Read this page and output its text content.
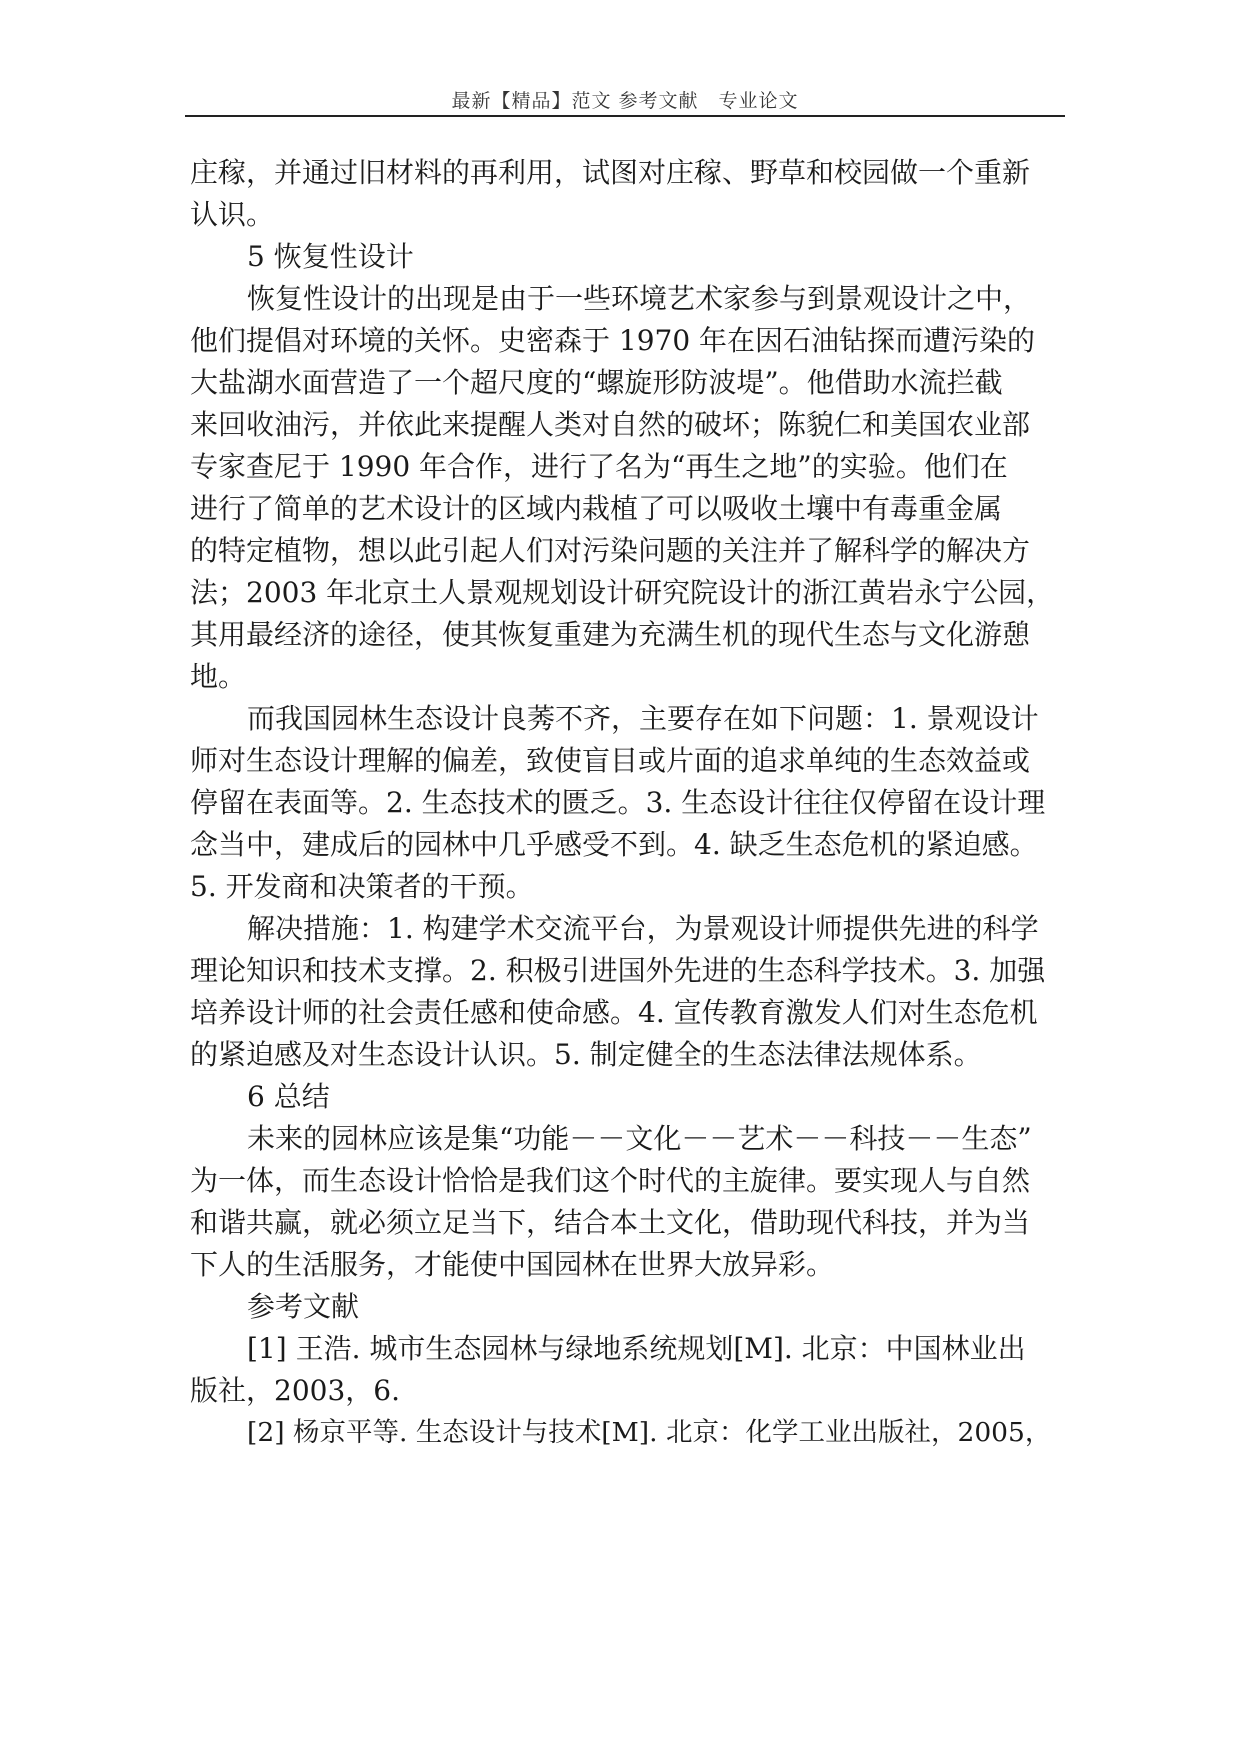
最新【精品】范文 参考文献　专业论文
庄稼，并通过旧材料的再利用，试图对庄稼、野草和校园做一个重新
认识。
5 恢复性设计
恢复性设计的出现是由于一些环境艺术家参与到景观设计之中，
他们提倡对环境的关怀。史密森于 1970 年在因石油钻探而遭污染的
大盐湖水面营造了一个超尺度的“螺旋形防波堤”。他借助水流拦截
来回收油污，并依此来提醒人类对自然的破坏；陈貌仁和美国农业部
专家查尼于 1990 年合作，进行了名为“再生之地”的实验。他们在
进行了简单的艺术设计的区域内栽植了可以吸收土壤中有毒重金属
的特定植物，想以此引起人们对污染问题的关注并了解科学的解决方
法；2003 年北京土人景观规划设计研究院设计的浙江黄岩永宁公园，
其用最经济的途径，使其恢复重建为充满生机的现代生态与文化游憩
地。
而我国园林生态设计良莠不齐，主要存在如下问题：1. 景观设计
师对生态设计理解的偏差，致使盲目或片面的追求单纯的生态效益或
停留在表面等。2. 生态技术的匮乏。3. 生态设计往往仅停留在设计理
念当中，建成后的园林中几乎感受不到。4. 缺乏生态危机的紧迫感。
5. 开发商和决策者的干预。
解决措施：1. 构建学术交流平台，为景观设计师提供先进的科学
理论知识和技术支撑。2. 积极引进国外先进的生态科学技术。3. 加强
培养设计师的社会责任感和使命感。4. 宣传教育激发人们对生态危机
的紧迫感及对生态设计认识。5. 制定健全的生态法律法规体系。
6 总结
未来的园林应该是集“功能－－文化－－艺术－－科技－－生态”
为一体，而生态设计恰恰是我们这个时代的主旋律。要实现人与自然
和谐共赢，就必须立足当下，结合本土文化，借助现代科技，并为当
下人的生活服务，才能使中国园林在世界大放异彩。
参考文献
[1] 王浩. 城市生态园林与绿地系统规划[M]. 北京：中国林业出
版社，2003，6.
[2] 杨京平等. 生态设计与技术[M]. 北京：化学工业出版社，2005，
